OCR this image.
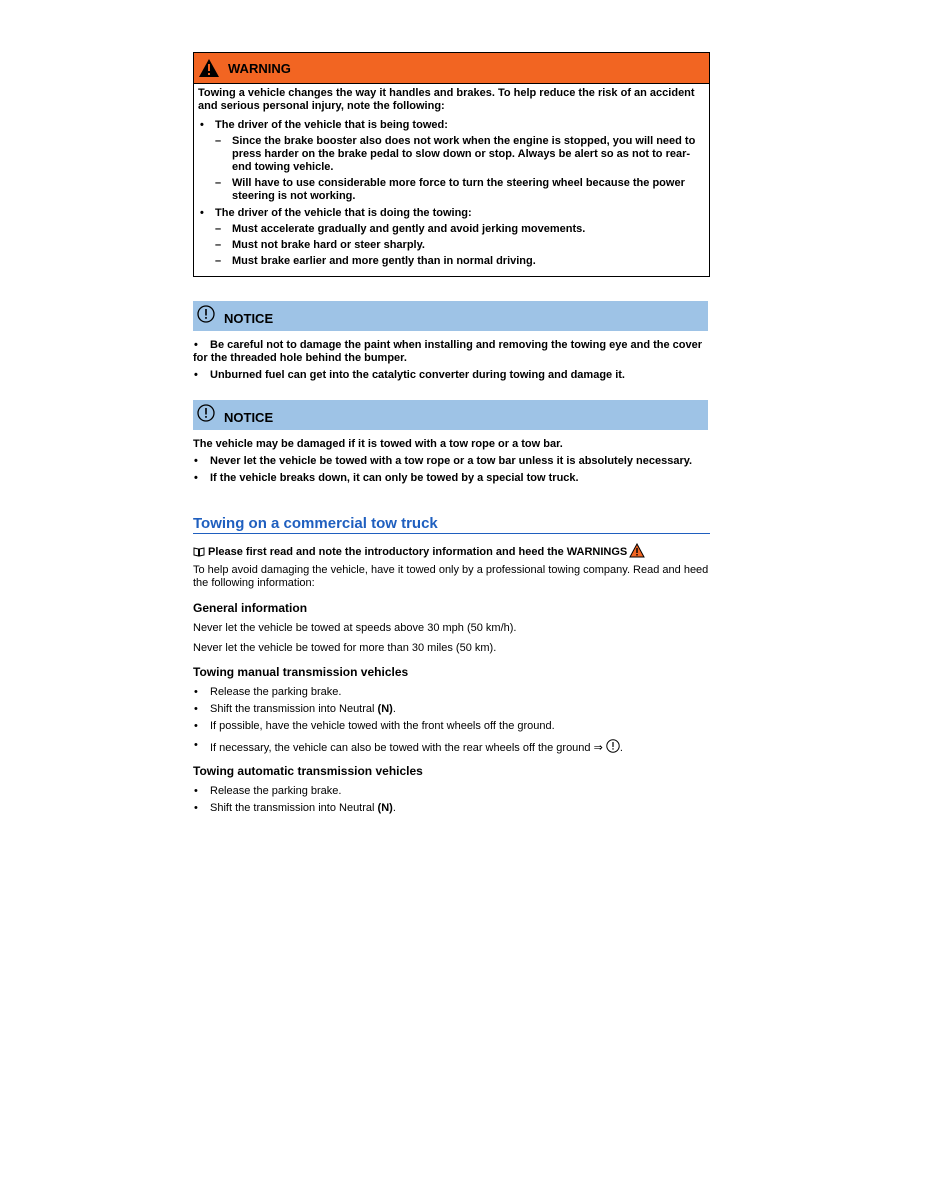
WARNING

Towing a vehicle changes the way it handles and brakes. To help reduce the risk of an accident and serious personal injury, note the following:

• The driver of the vehicle that is being towed:
– Since the brake booster also does not work when the engine is stopped, you will need to press harder on the brake pedal to slow down or stop. Always be alert so as not to rear-end towing vehicle.
– Will have to use considerable more force to turn the steering wheel because the power steering is not working.
• The driver of the vehicle that is doing the towing:
– Must accelerate gradually and gently and avoid jerking movements.
– Must not brake hard or steer sharply.
– Must brake earlier and more gently than in normal driving.
NOTICE
• Be careful not to damage the paint when installing and removing the towing eye and the cover for the threaded hole behind the bumper.
• Unburned fuel can get into the catalytic converter during towing and damage it.
NOTICE

The vehicle may be damaged if it is towed with a tow rope or a tow bar.

• Never let the vehicle be towed with a tow rope or a tow bar unless it is absolutely necessary.
• If the vehicle breaks down, it can only be towed by a special tow truck.
Towing on a commercial tow truck
Please first read and note the introductory information and heed the WARNINGS

To help avoid damaging the vehicle, have it towed only by a professional towing company. Read and heed the following information:

General information

Never let the vehicle be towed at speeds above 30 mph (50 km/h).

Never let the vehicle be towed for more than 30 miles (50 km).

Towing manual transmission vehicles
• Release the parking brake.
• Shift the transmission into Neutral (N).
• If possible, have the vehicle towed with the front wheels off the ground.
• If necessary, the vehicle can also be towed with the rear wheels off the ground ⇒ .
Towing automatic transmission vehicles
• Release the parking brake.
• Shift the transmission into Neutral (N).
